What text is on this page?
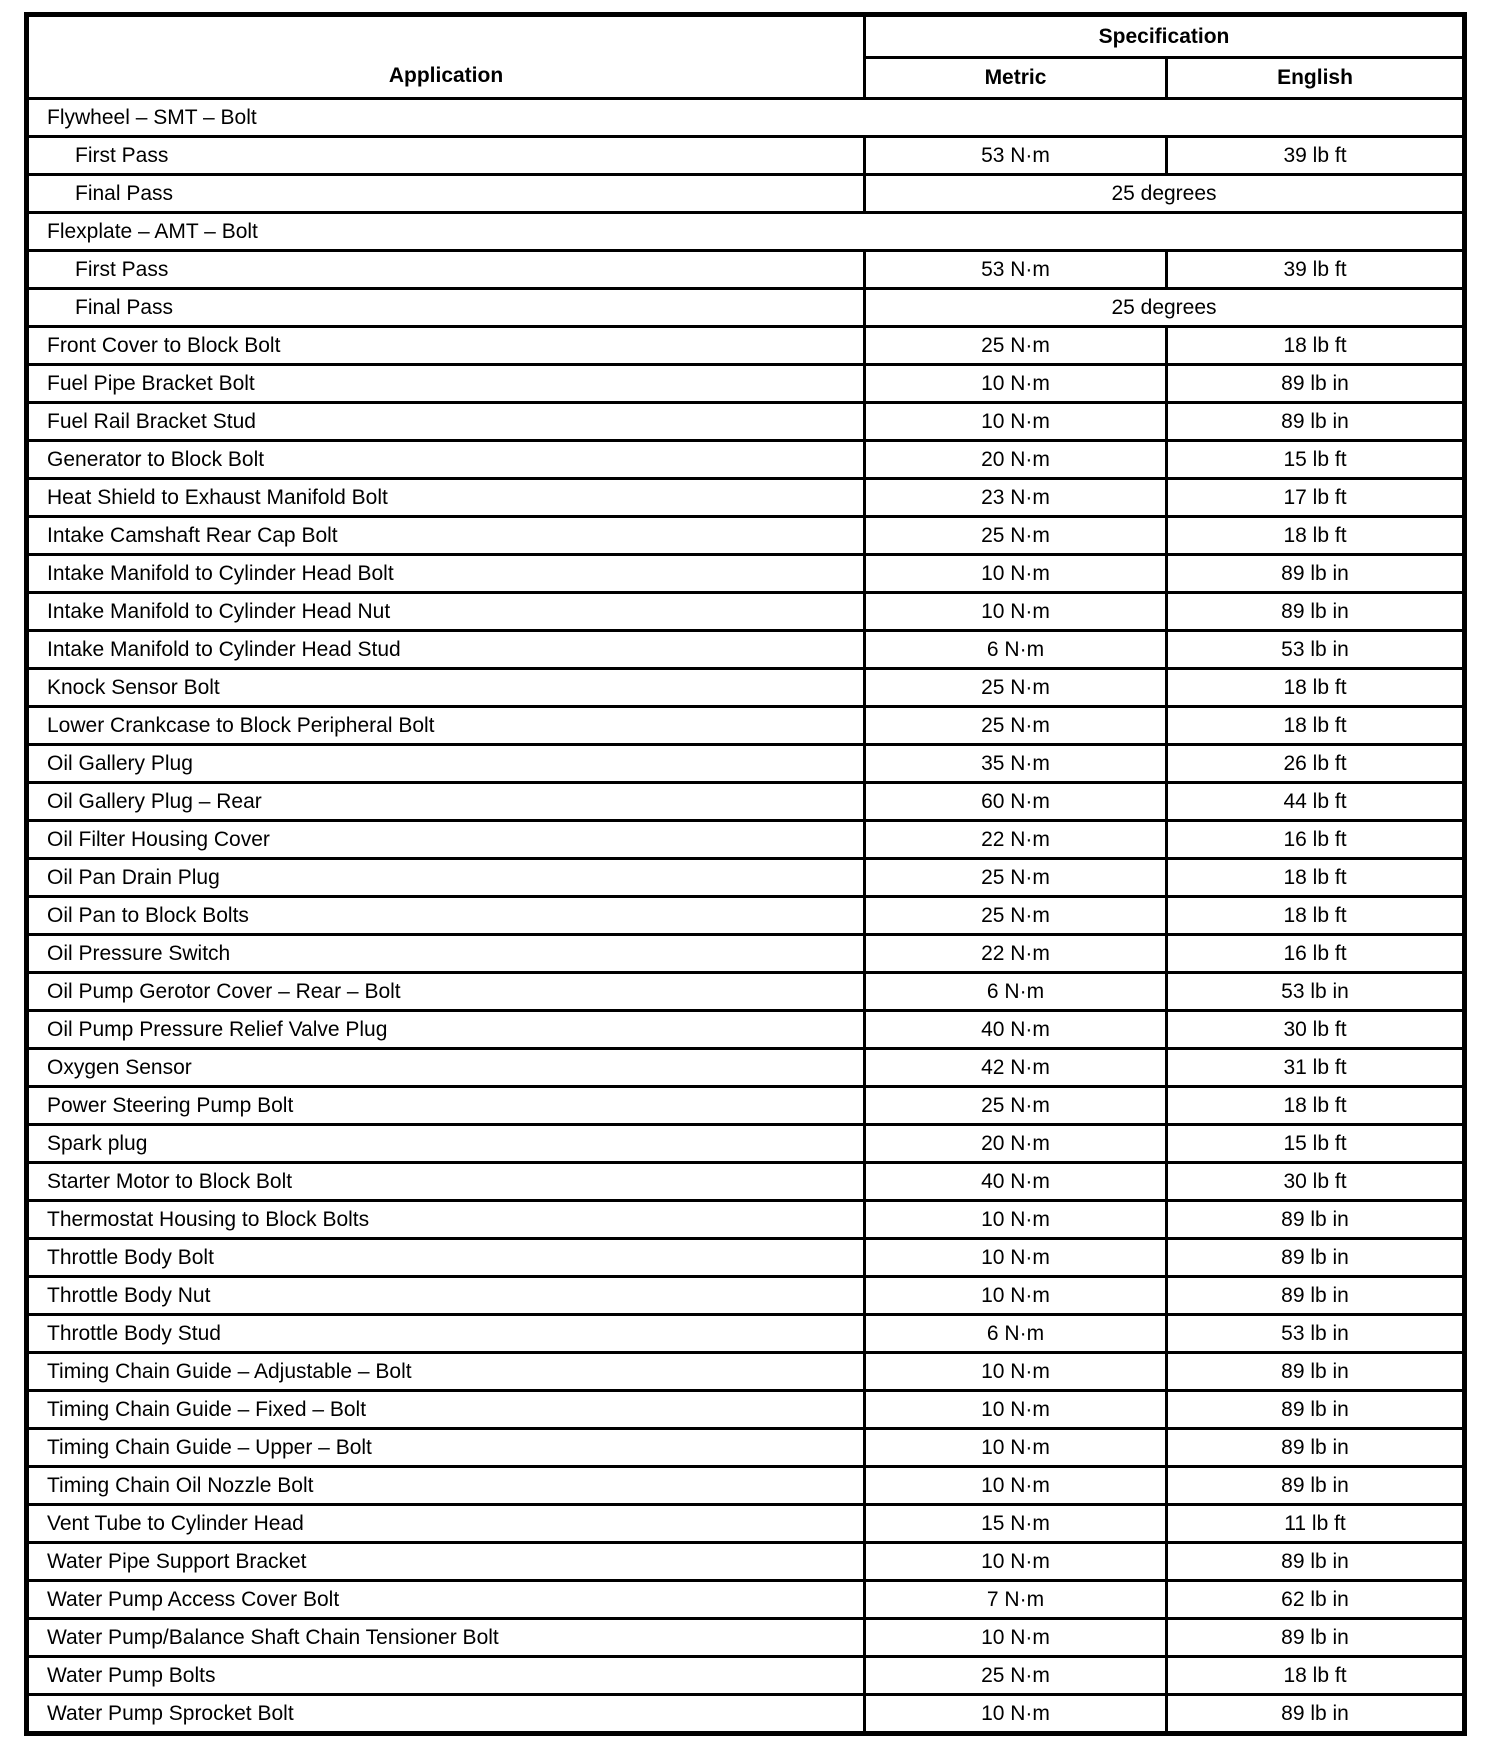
Application	Specification	
	Metric	English
Flywheel – SMT – Bolt		
First Pass	53 N·m	39 lb ft
Final Pass	25 degrees	
Flexplate – AMT – Bolt		
First Pass	53 N·m	39 lb ft
Final Pass	25 degrees	
Front Cover to Block Bolt	25 N·m	18 lb ft
Fuel Pipe Bracket Bolt	10 N·m	89 lb in
Fuel Rail Bracket Stud	10 N·m	89 lb in
Generator to Block Bolt	20 N·m	15 lb ft
Heat Shield to Exhaust Manifold Bolt	23 N·m	17 lb ft
Intake Camshaft Rear Cap Bolt	25 N·m	18 lb ft
Intake Manifold to Cylinder Head Bolt	10 N·m	89 lb in
Intake Manifold to Cylinder Head Nut	10 N·m	89 lb in
Intake Manifold to Cylinder Head Stud	6 N·m	53 lb in
Knock Sensor Bolt	25 N·m	18 lb ft
Lower Crankcase to Block Peripheral Bolt	25 N·m	18 lb ft
Oil Gallery Plug	35 N·m	26 lb ft
Oil Gallery Plug – Rear	60 N·m	44 lb ft
Oil Filter Housing Cover	22 N·m	16 lb ft
Oil Pan Drain Plug	25 N·m	18 lb ft
Oil Pan to Block Bolts	25 N·m	18 lb ft
Oil Pressure Switch	22 N·m	16 lb ft
Oil Pump Gerotor Cover – Rear – Bolt	6 N·m	53 lb in
Oil Pump Pressure Relief Valve Plug	40 N·m	30 lb ft
Oxygen Sensor	42 N·m	31 lb ft
Power Steering Pump Bolt	25 N·m	18 lb ft
Spark plug	20 N·m	15 lb ft
Starter Motor to Block Bolt	40 N·m	30 lb ft
Thermostat Housing to Block Bolts	10 N·m	89 lb in
Throttle Body Bolt	10 N·m	89 lb in
Throttle Body Nut	10 N·m	89 lb in
Throttle Body Stud	6 N·m	53 lb in
Timing Chain Guide – Adjustable – Bolt	10 N·m	89 lb in
Timing Chain Guide – Fixed – Bolt	10 N·m	89 lb in
Timing Chain Guide – Upper – Bolt	10 N·m	89 lb in
Timing Chain Oil Nozzle Bolt	10 N·m	89 lb in
Vent Tube to Cylinder Head	15 N·m	11 lb ft
Water Pipe Support Bracket	10 N·m	89 lb in
Water Pump Access Cover Bolt	7 N·m	62 lb in
Water Pump/Balance Shaft Chain Tensioner Bolt	10 N·m	89 lb in
Water Pump Bolts	25 N·m	18 lb ft
Water Pump Sprocket Bolt	10 N·m	89 lb in
